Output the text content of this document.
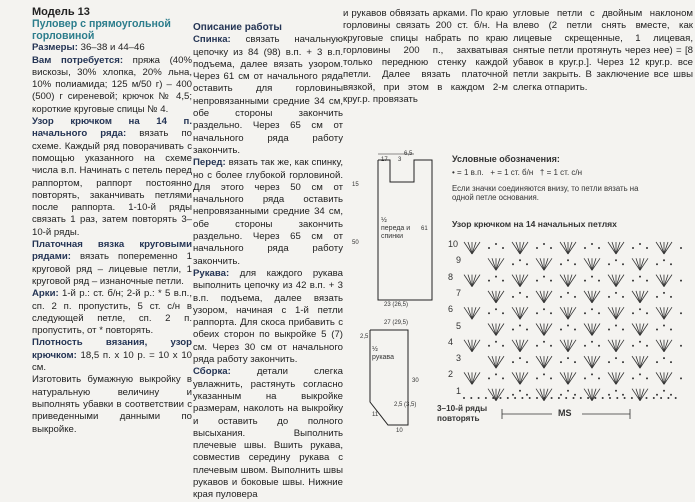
Модель 13

Пуловер с прямоугольной

горловиной

Размеры: 36–38 и 44–46

Вам потребуется: пряжа (40% вискозы, 30% хлопка, 20% льна, 10% полиамида; 125 м/50 г) – 400 (500) г сиреневой; крючок № 4,5; короткие круговые спицы № 4.

Узор крючком на 14 п. начального ряда: вязать по схеме. Каждый ряд поворачивать с помощью указанного на схеме числа в.п. Начинать с петель перед раппортом, раппорт постоянно повторять, заканчивать петлями после раппорта. 1-10-й ряды связать 1 раз, затем повторять 3–10-й ряды.

Платочная вязка круговыми рядами: вязать попеременно 1 круговой ряд – лицевые петли, 1 круговой ряд – изнаночные петли.

Арки: 1-й р.: ст. б/н; 2-й р.: * 5 в.п., сп. 2 п. пропустить, 5 ст. с/н в следующей петле, сп. 2 п. пропустить, от * повторять.

Плотность вязания, узор крючком: 18,5 п. х 10 р. = 10 х 10 см.

Изготовить бумажную выкройку в натуральную величину и выполнять убавки в соответствии с приведенными данными по выкройке.

Описание работы

Спинка: связать начальную цепочку из 84 (98) в.п. + 3 в.п. подъема, далее вязать узором. Через 61 см от начального ряда оставить для горловины непровязанными средние 34 см, обе стороны закончить раздельно. Через 65 см от начального ряда работу закончить.

Перед: вязать так же, как спинку, но с более глубокой горловиной. Для этого через 50 см от начального ряда оставить непровязанными средние 34 см, обе стороны закончить раздельно. Через 65 см от начального ряда работу закончить.

Рукава: для каждого рукава выполнить цепочку из 42 в.п. + 3 в.п. подъема, далее вязать узором, начиная с 1-й петли раппорта. Для скоса прибавить с обеих сторон по выкройке 5 (7) см. Через 30 см от начального ряда работу закончить.

Сборка:	детали слегка увлажнить, растянуть согласно указанным на выкройке размерам, наколоть на выкройку и оставить до полного высыхания. Выполнить плечевые швы. Вшить рукава, совместив середину рукава с плечевым швом. Выполнить швы рукавов и боковые швы. Нижние края пуловера

и рукавов обвязать арками. По краю горловины связать 200 ст. б/н. На круговые спицы набрать по краю горловины 200 п., захватывая только переднюю стенку каждой петли. Далее вязать платочной вязкой, при этом в каждом 2-м круг.р. провязать

угловые петли с двойным наклоном влево (2 петли снять вместе, как лицевые скрещенные, 1 лицевая, снятые петли протянуть через нее) = [8 убавок в круг.р.]. Через 12 круг.р. все петли закрыть. В заключение все швы слегка отпарить.

17 3
6,5
15
50
61
23 (26,5)
½ переда и спинки
27 (29,5)
2,5
½ рукава
30
11
2,5 (3,5)
10
Условные обозначения:
• = 1 в.п. + = 1 ст. б/н † = 1 ст. с/н
Если значки соединяются внизу, то петли вязать на одной петле основания.
Узор крючком на 14 начальных петлях
10
9
8
7
6
5
4
3
2
1
3–10-й ряды повторять	MS
